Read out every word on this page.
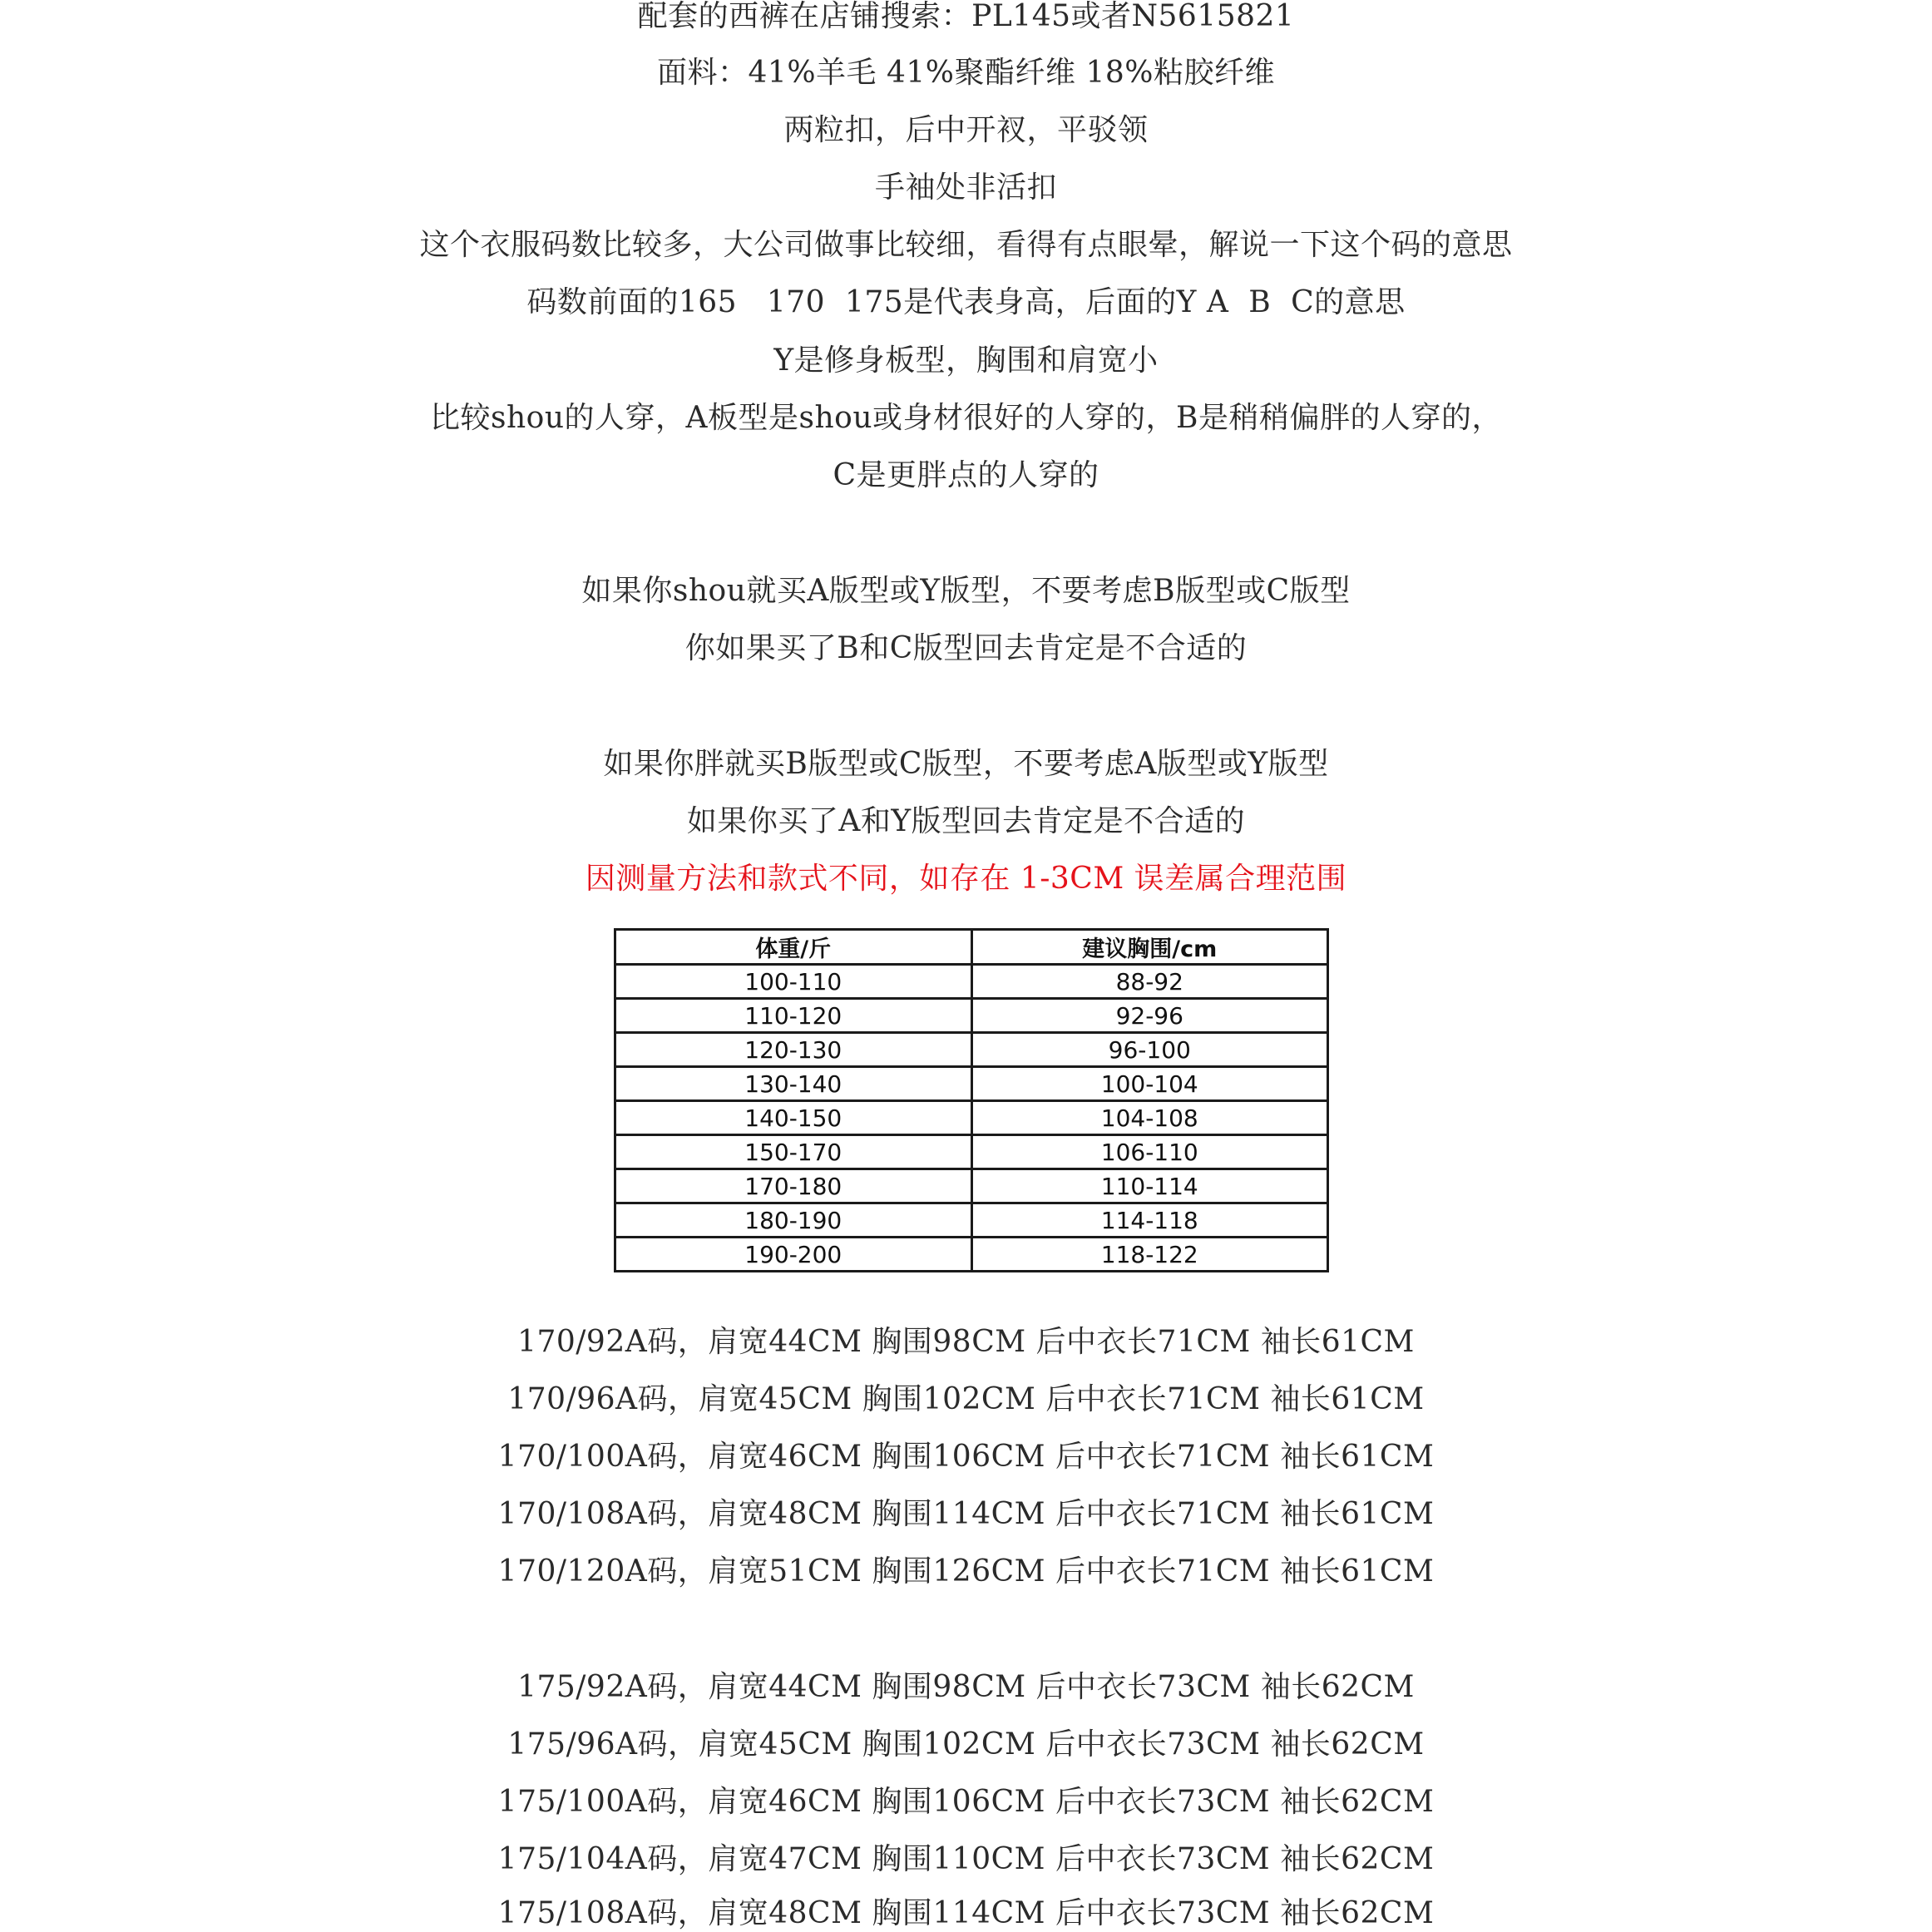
配套的西裤在店铺搜索：PL145或者N5615821
面料：41%羊毛 41%聚酯纤维 18%粘胶纤维
两粒扣，后中开衩，平驳领
手袖处非活扣
这个衣服码数比较多，大公司做事比较细，看得有点眼晕，解说一下这个码的意思
码数前面的165   170  175是代表身高，后面的Y A  B  C的意思
Y是修身板型，胸围和肩宽小
比较shou的人穿，A板型是shou或身材很好的人穿的，B是稍稍偏胖的人穿的，
C是更胖点的人穿的
如果你shou就买A版型或Y版型，不要考虑B版型或C版型
你如果买了B和C版型回去肯定是不合适的
如果你胖就买B版型或C版型，不要考虑A版型或Y版型
如果你买了A和Y版型回去肯定是不合适的
因测量方法和款式不同，如存在 1-3CM 误差属合理范围
体重/斤	建议胸围/cm
100-110	88-92
110-120	92-96
120-130	96-100
130-140	100-104
140-150	104-108
150-170	106-110
170-180	110-114
180-190	114-118
190-200	118-122
170/92A码，肩宽44CM 胸围98CM 后中衣长71CM 袖长61CM
170/96A码，肩宽45CM 胸围102CM 后中衣长71CM 袖长61CM
170/100A码，肩宽46CM 胸围106CM 后中衣长71CM 袖长61CM
170/108A码，肩宽48CM 胸围114CM 后中衣长71CM 袖长61CM
170/120A码，肩宽51CM 胸围126CM 后中衣长71CM 袖长61CM
175/92A码，肩宽44CM 胸围98CM 后中衣长73CM 袖长62CM
175/96A码，肩宽45CM 胸围102CM 后中衣长73CM 袖长62CM
175/100A码，肩宽46CM 胸围106CM 后中衣长73CM 袖长62CM
175/104A码，肩宽47CM 胸围110CM 后中衣长73CM 袖长62CM
175/108A码，肩宽48CM 胸围114CM 后中衣长73CM 袖长62CM
